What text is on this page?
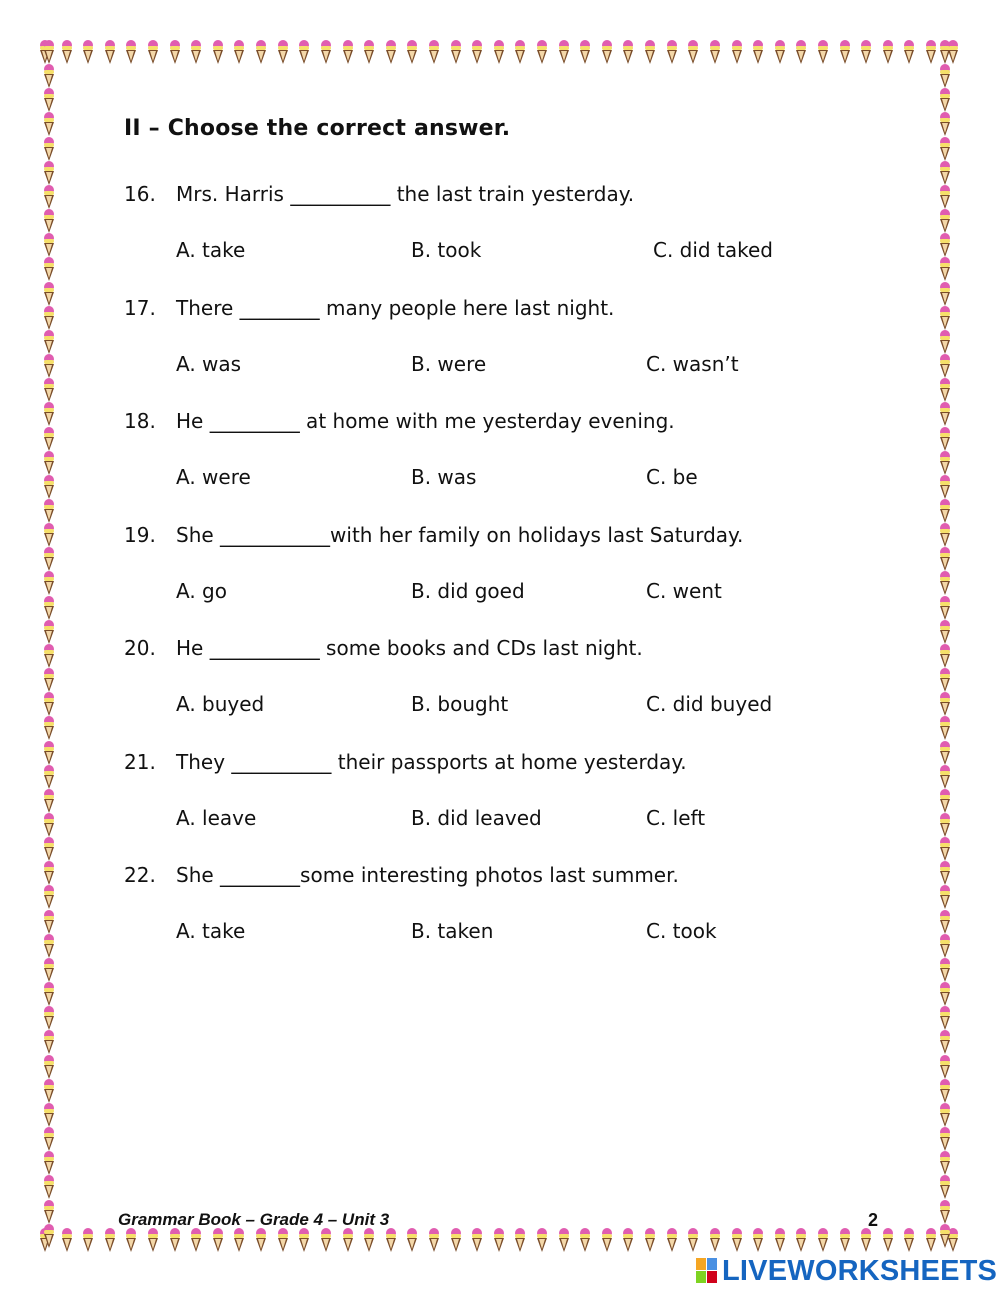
II – Choose the correct answer.
16. Mrs. Harris __________ the last train yesterday.
A. take	B. took	C. did taked
17. There ________ many people here last night.
A. was	B. were	C. wasn’t
18. He _________ at home with me yesterday evening.
A. were	B. was	C. be
19. She ___________with her family on holidays last Saturday.
A. go	B. did goed	C. went
20. He ___________ some books and CDs last night.
A. buyed	B. bought	C. did buyed
21. They __________ their passports at home yesterday.
A. leave	B. did leaved	C. left
22. She ________some interesting photos last summer.
A. take	B. taken	C. took
Grammar Book – Grade 4 – Unit 3	2
LIVEWORKSHEETS
